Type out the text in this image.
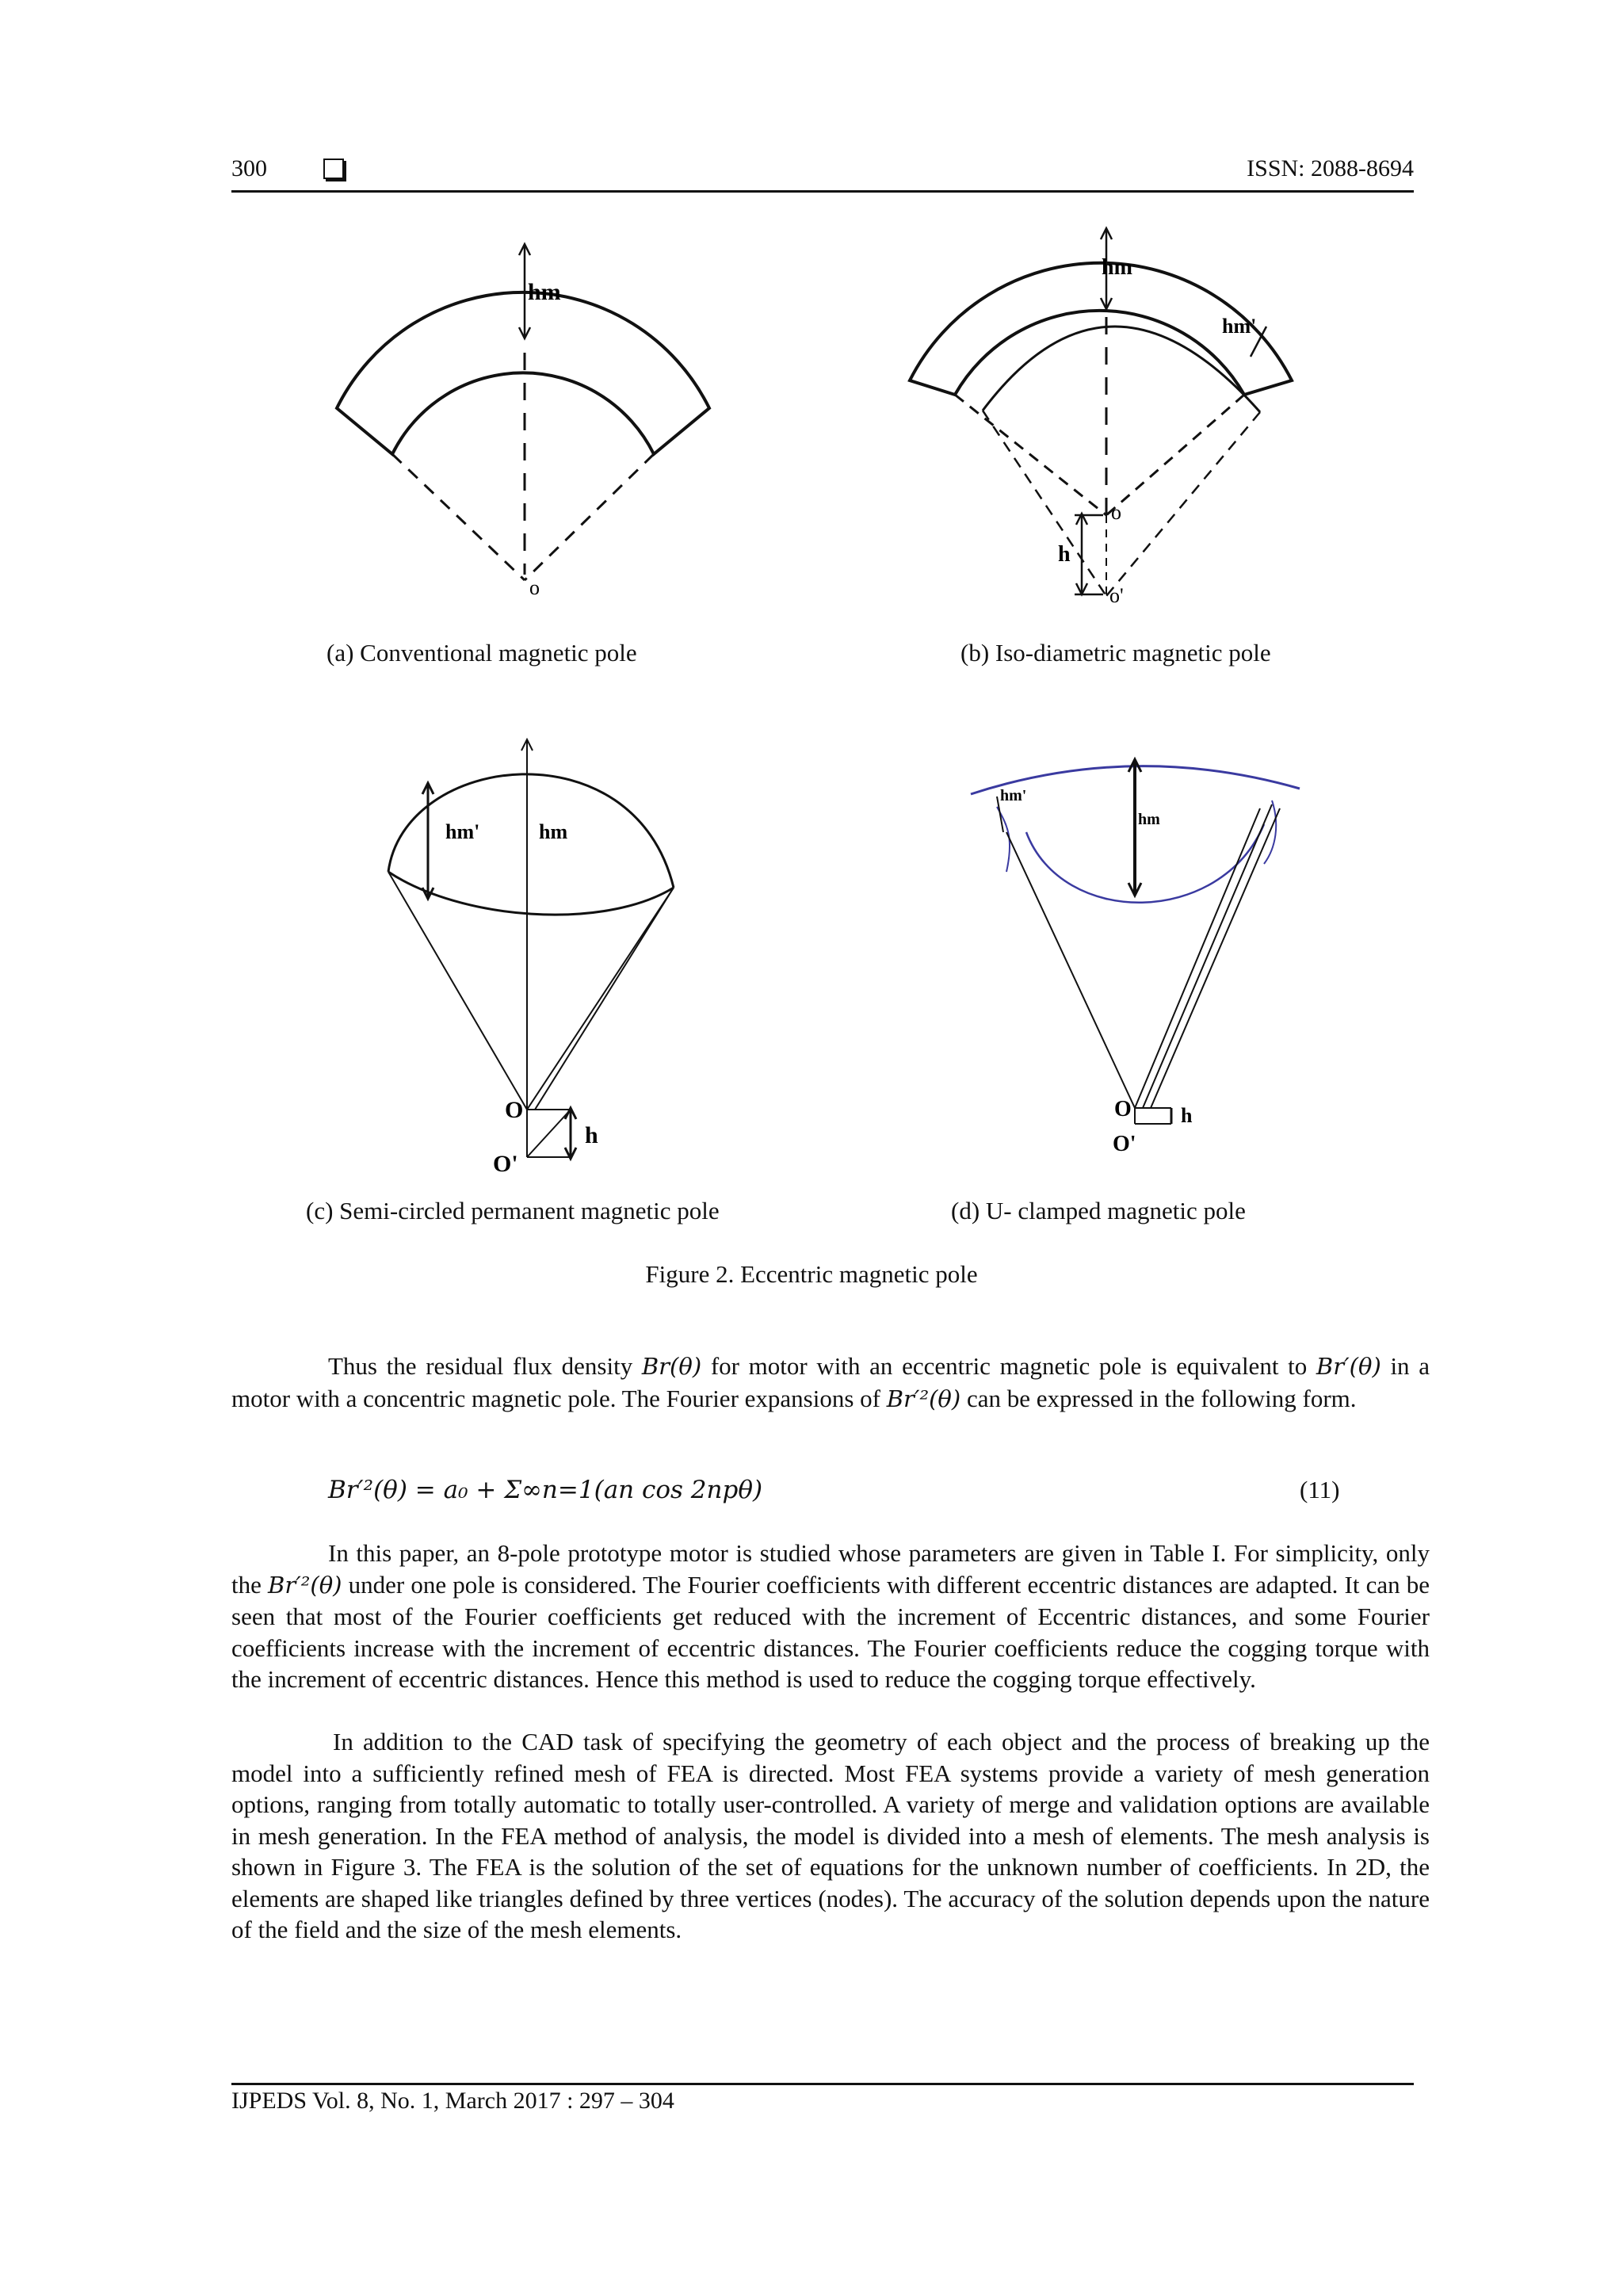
300	ISSN: 2088-8694
hm
o
hm
hm'
o
h
o'
(a) Conventional magnetic pole	(b) Iso-diametric magnetic pole
hm'	hm
O
h
O'
hm'
hm
O h
O'
(c) Semi-circled permanent magnetic pole	(d) U- clamped magnetic pole
Figure 2. Eccentric magnetic pole
Thus the residual flux density Br(θ) for motor with an eccentric magnetic pole is equivalent to Br′(θ) in a motor with a concentric magnetic pole. The Fourier expansions of Br′²(θ) can be expressed in the following form.
Br′²(θ) = a₀ + Σ∞n=1(an cos 2npθ)	(11)
In this paper, an 8-pole prototype motor is studied whose parameters are given in Table I. For simplicity, only the Br′²(θ) under one pole is considered. The Fourier coefficients with different eccentric distances are adapted. It can be seen that most of the Fourier coefficients get reduced with the increment of Eccentric distances, and some Fourier coefficients increase with the increment of eccentric distances. The Fourier coefficients reduce the cogging torque with the increment of eccentric distances. Hence this method is used to reduce the cogging torque effectively.
In addition to the CAD task of specifying the geometry of each object and the process of breaking up the model into a sufficiently refined mesh of FEA is directed. Most FEA systems provide a variety of mesh generation options, ranging from totally automatic to totally user-controlled. A variety of merge and validation options are available in mesh generation. In the FEA method of analysis, the model is divided into a mesh of elements. The mesh analysis is shown in Figure 3. The FEA is the solution of the set of equations for the unknown number of coefficients. In 2D, the elements are shaped like triangles defined by three vertices (nodes). The accuracy of the solution depends upon the nature of the field and the size of the mesh elements.
IJPEDS Vol. 8, No. 1, March 2017 : 297 – 304
